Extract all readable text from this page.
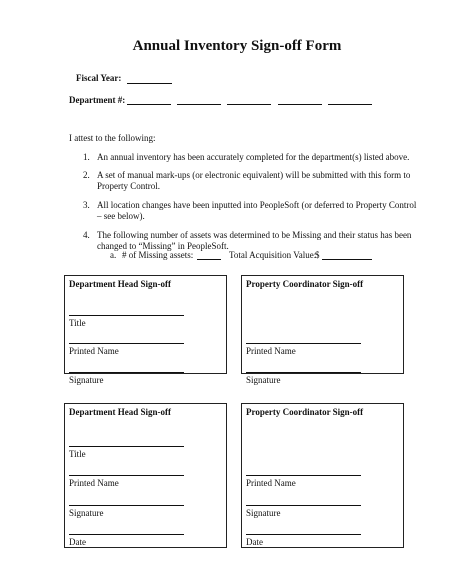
Annual Inventory Sign-off Form
Fiscal Year:
Department #:
I attest to the following:
1. An annual inventory has been accurately completed for the department(s) listed above.
2. A set of manual mark-ups (or electronic equivalent) will be submitted with this form to
Property Control.
3. All location changes have been inputted into PeopleSoft (or deferred to Property Control
– see below).
4. The following number of assets was determined to be Missing and their status has been
changed to “Missing” in PeopleSoft.
a. # of Missing assets:	Total Acquisition Value:
$
Department Head Sign-off
Title
Printed Name
Signature
Property Coordinator Sign-off
Printed Name
Signature
Department Head Sign-off
Title
Printed Name
Signature
Date
Property Coordinator Sign-off
Printed Name
Signature
Date
